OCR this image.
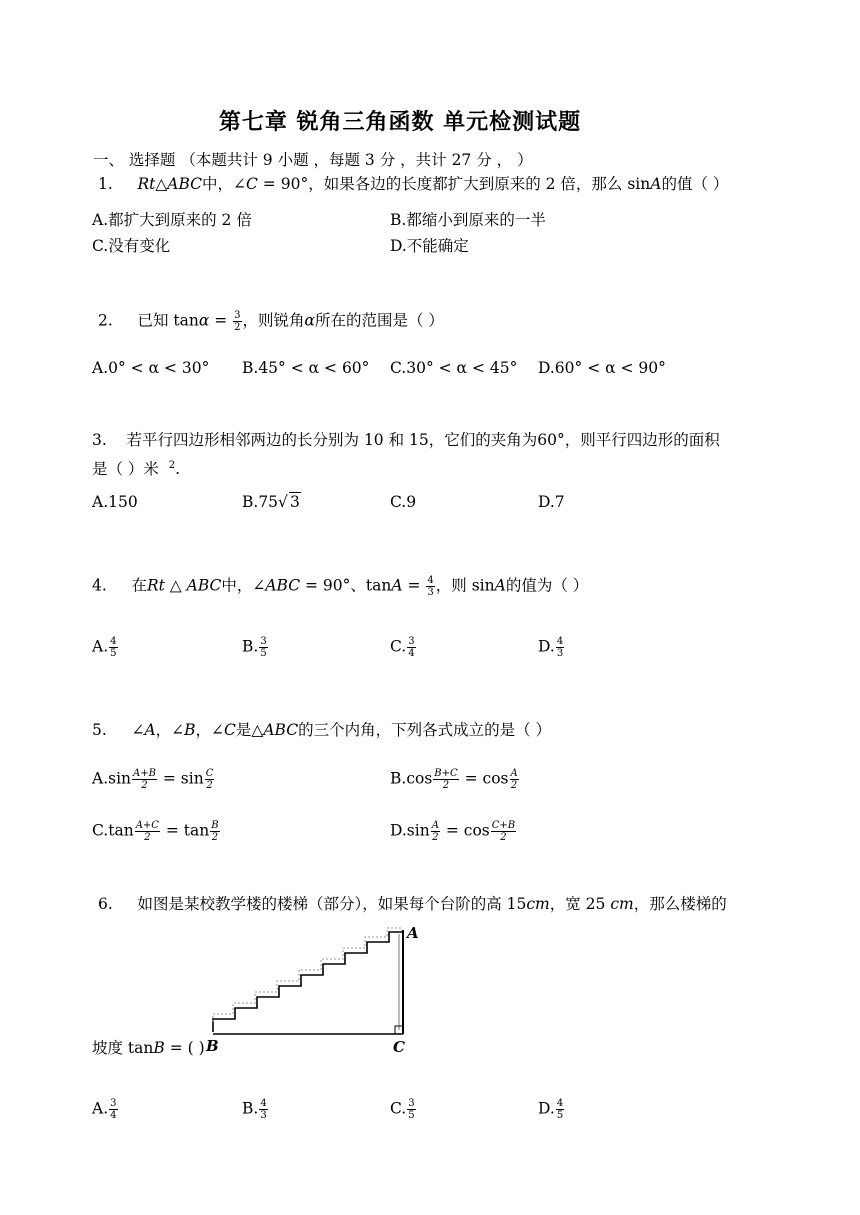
第七章 锐角三角函数 单元检测试题
一、 选择题 （本题共计 9 小题 ，每题 3 分 ，共计 27 分 ， ）
1. Rt△ABC中，∠C = 90°，如果各边的长度都扩大到原来的 2 倍，那么 sinA的值（ ）
A.都扩大到原来的 2 倍	B.都缩小到原来的一半
C.没有变化	D.不能确定
2. 已知 $\tan\alpha = \frac{3}{2}$ ，则锐角α所在的范围是（ ）
A.0° < α < 30° B.45° < α < 60° C.30° < α < 45° D.60° < α < 90°
3. 若平行四边形相邻两边的长分别为 10 和 15，它们的夹角为60°，则平行四边形的面积
是（ ）米 $^2$.
A.150	B.75√ 3	C.9	D.7
4. 在Rt △ ABC中，∠ABC = 90°、$\tan A = \frac{4}{3}$ ，则 sinA的值为（ ）
A. $\frac{4}{5}$	B. $\frac{3}{5}$	C. $\frac{3}{4}$	D. $\frac{4}{3}$
5. ∠A，∠B，∠C是△ABC的三个内角，下列各式成立的是（ ）
$A.\sin \frac{A+B}{2} = \sin \frac{C}{2}$	$B.\cos \frac{B+C}{2} = \cos \frac{A}{2}$
$C.\tan \frac{A+C}{2} = \tan \frac{B}{2}$	$D.\sin \frac{A}{2} = \cos \frac{C+B}{2}$
6. 如图是某校教学楼的楼梯（部分），如果每个台阶的高 15cm，宽 25 cm，那么楼梯的
A
B	C
坡度 tanB = ( )
A. $\frac{3}{4}$	B. $\frac{4}{3}$	C. $\frac{3}{5}$	D. $\frac{4}{5}$
